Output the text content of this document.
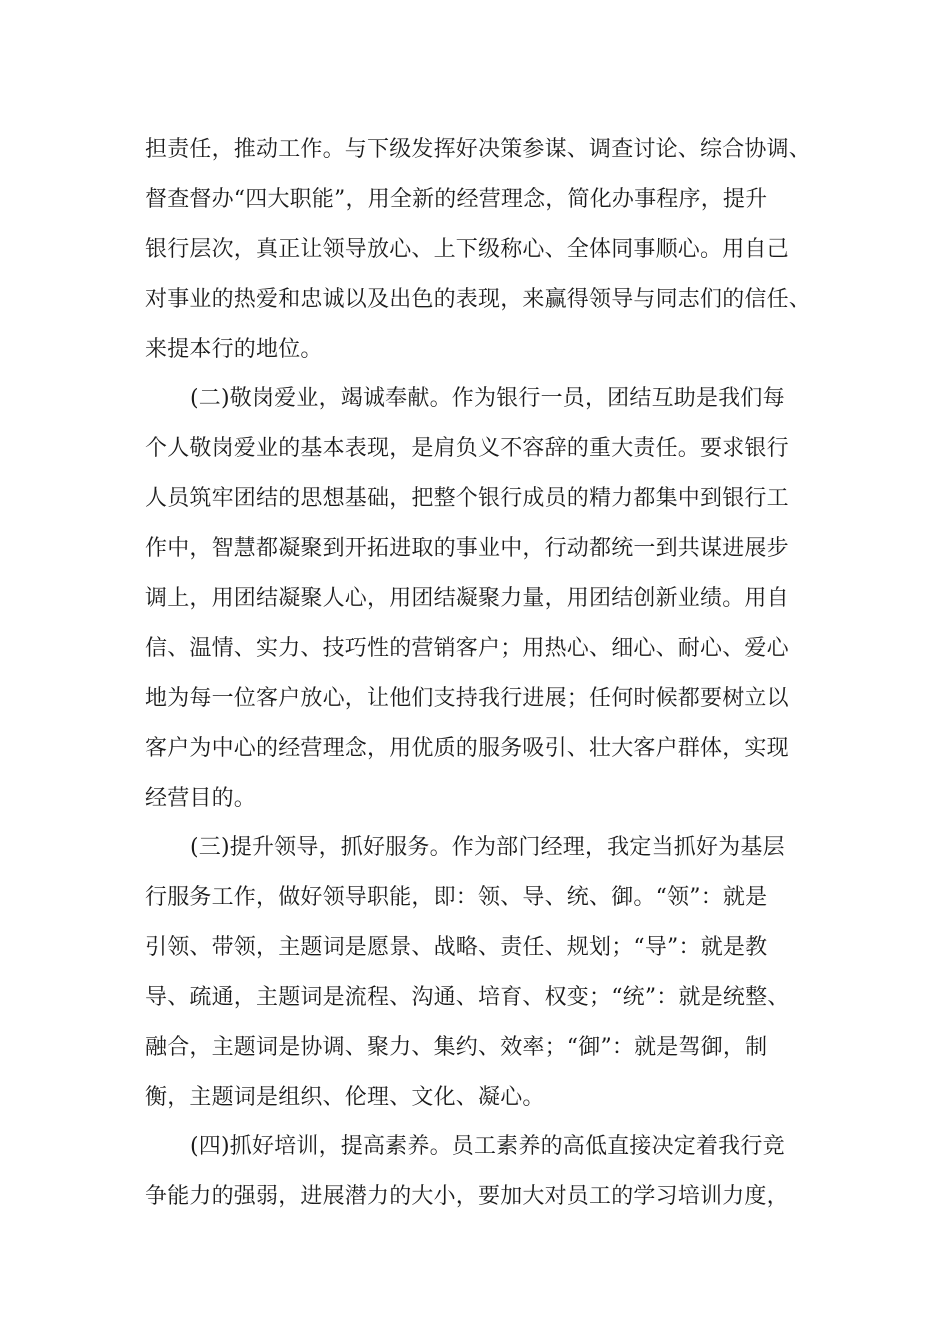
担责任，推动工作。与下级发挥好决策参谋、调查讨论、综合协调、
督查督办“四大职能”，用全新的经营理念，简化办事程序，提升
银行层次，真正让领导放心、上下级称心、全体同事顺心。用自己
对事业的热爱和忠诚以及出色的表现，来赢得领导与同志们的信任、
来提本行的地位。
(二)敬岗爱业，竭诚奉献。作为银行一员，团结互助是我们每
个人敬岗爱业的基本表现，是肩负义不容辞的重大责任。要求银行
人员筑牢团结的思想基础，把整个银行成员的精力都集中到银行工
作中，智慧都凝聚到开拓进取的事业中，行动都统一到共谋进展步
调上，用团结凝聚人心，用团结凝聚力量，用团结创新业绩。用自
信、温情、实力、技巧性的营销客户；用热心、细心、耐心、爱心
地为每一位客户放心，让他们支持我行进展；任何时候都要树立以
客户为中心的经营理念，用优质的服务吸引、壮大客户群体，实现
经营目的。
(三)提升领导，抓好服务。作为部门经理，我定当抓好为基层
行服务工作，做好领导职能，即：领、导、统、御。“领”：就是
引领、带领，主题词是愿景、战略、责任、规划；“导”：就是教
导、疏通，主题词是流程、沟通、培育、权变；“统”：就是统整、
融合，主题词是协调、聚力、集约、效率；“御”：就是驾御，制
衡，主题词是组织、伦理、文化、凝心。
(四)抓好培训，提高素养。员工素养的高低直接决定着我行竞
争能力的强弱，进展潜力的大小，要加大对员工的学习培训力度，
